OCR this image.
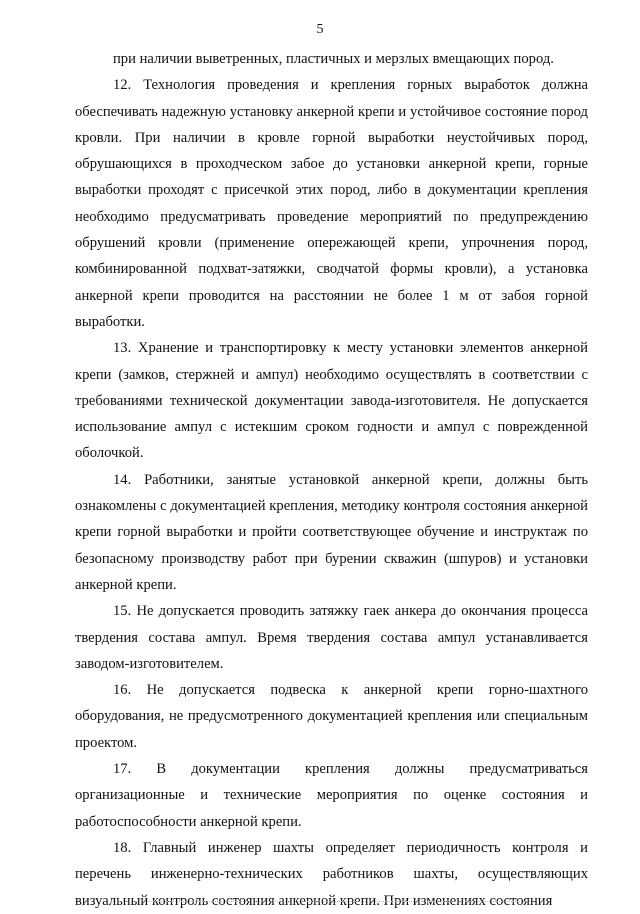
5

при наличии выветренных, пластичных и мерзлых вмещающих пород.

12. Технология проведения и крепления горных выработок должна обеспечивать надежную установку анкерной крепи и устойчивое состояние пород кровли. При наличии в кровле горной выработки неустойчивых пород, обрушающихся в проходческом забое до установки анкерной крепи, горные выработки проходят с присечкой этих пород, либо в документации крепления необходимо предусматривать проведение мероприятий по предупреждению обрушений кровли (применение опережающей крепи, упрочнения пород, комбинированной подхват-затяжки, сводчатой формы кровли), а установка анкерной крепи проводится на расстоянии не более 1 м от забоя горной выработки.

13. Хранение и транспортировку к месту установки элементов анкерной крепи (замков, стержней и ампул) необходимо осуществлять в соответствии с требованиями технической документации завода-изготовителя. Не допускается использование ампул с истекшим сроком годности и ампул с поврежденной оболочкой.

14. Работники, занятые установкой анкерной крепи, должны быть ознакомлены с документацией крепления, методику контроля состояния анкерной крепи горной выработки и пройти соответствующее обучение и инструктаж по безопасному производству работ при бурении скважин (шпуров) и установки анкерной крепи.

15. Не допускается проводить затяжку гаек анкера до окончания процесса твердения состава ампул. Время твердения состава ампул устанавливается заводом-изготовителем.

16. Не допускается подвеска к анкерной крепи горно-шахтного оборудования, не предусмотренного документацией крепления или специальным проектом.

17. В документации крепления должны предусматриваться организационные и технические мероприятия по оценке состояния и работоспособности анкерной крепи.

18. Главный инженер шахты определяет периодичность контроля и перечень инженерно-технических работников шахты, осуществляющих визуальный контроль состояния анкерной крепи. При изменениях состояния
